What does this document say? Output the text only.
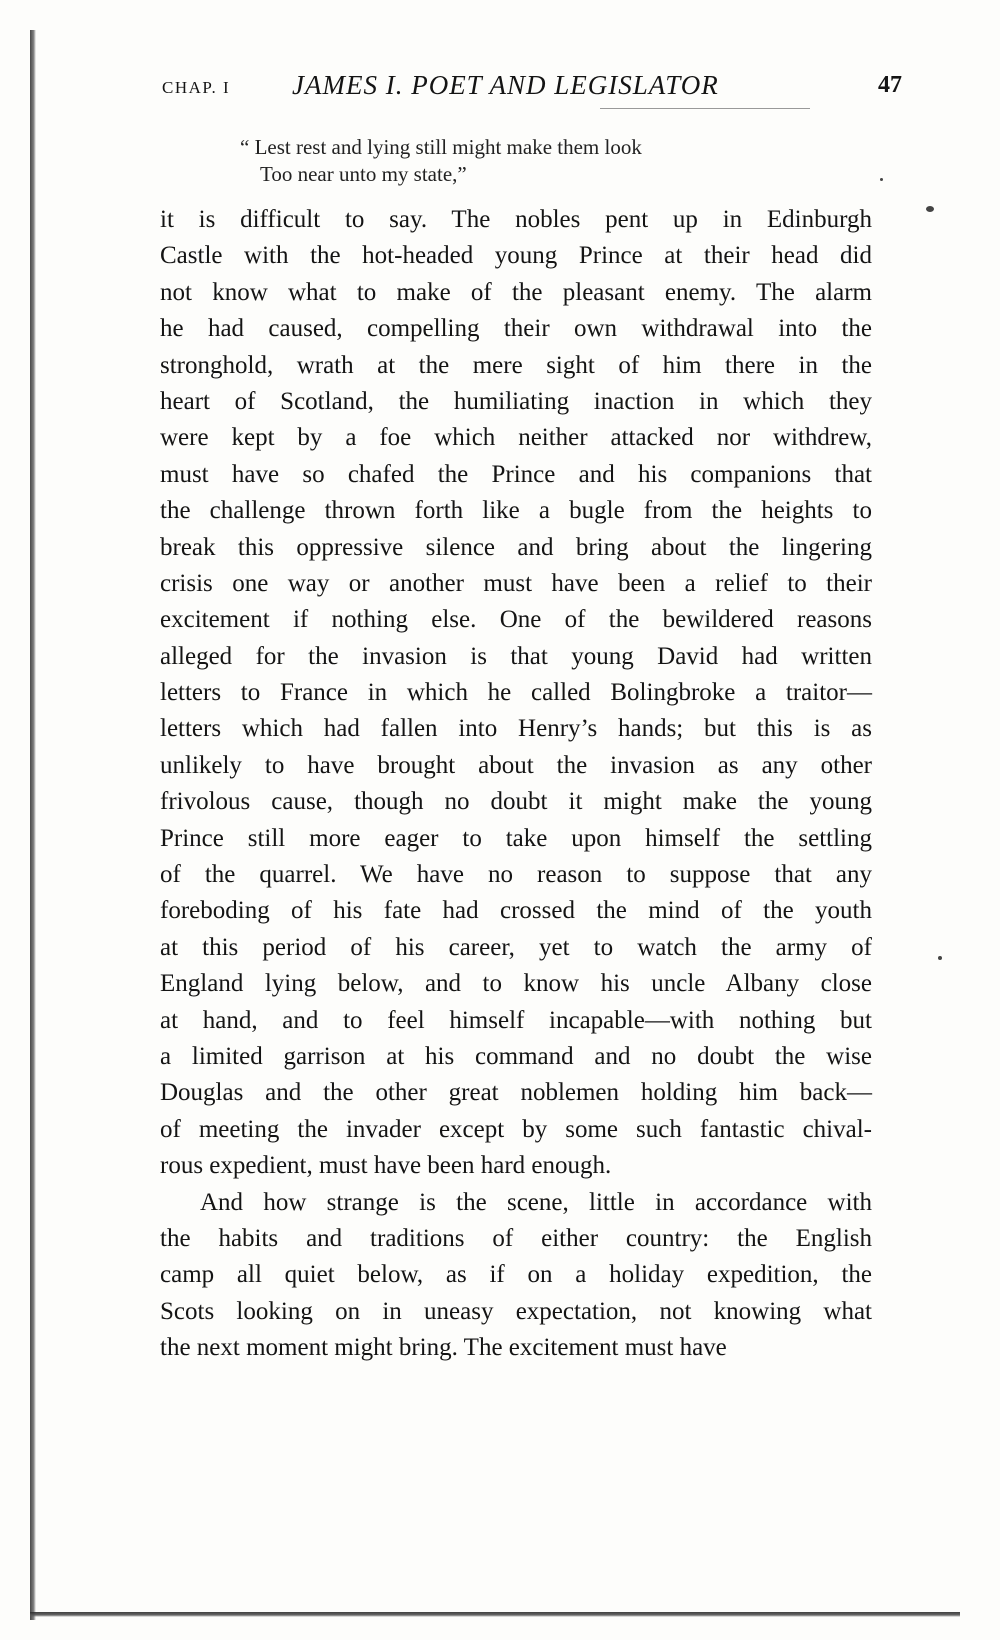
CHAP. I JAMES I. POET AND LEGISLATOR	47
“ Lest rest and lying still might make them look
Too near unto my state,”
it is difficult to say. The nobles pent up in Edinburgh
Castle with the hot-headed young Prince at their head did
not know what to make of the pleasant enemy. The alarm
he had caused, compelling their own withdrawal into the
stronghold, wrath at the mere sight of him there in the
heart of Scotland, the humiliating inaction in which they
were kept by a foe which neither attacked nor withdrew,
must have so chafed the Prince and his companions that
the challenge thrown forth like a bugle from the heights to
break this oppressive silence and bring about the lingering
crisis one way or another must have been a relief to their
excitement if nothing else. One of the bewildered reasons
alleged for the invasion is that young David had written
letters to France in which he called Bolingbroke a traitor—
letters which had fallen into Henry’s hands; but this is as
unlikely to have brought about the invasion as any other
frivolous cause, though no doubt it might make the young
Prince still more eager to take upon himself the settling
of the quarrel. We have no reason to suppose that any
foreboding of his fate had crossed the mind of the youth
at this period of his career, yet to watch the army of
England lying below, and to know his uncle Albany close
at hand, and to feel himself incapable—with nothing but
a limited garrison at his command and no doubt the wise
Douglas and the other great noblemen holding him back—
of meeting the invader except by some such fantastic chival-
rous expedient, must have been hard enough.
And how strange is the scene, little in accordance with
the habits and traditions of either country: the English
camp all quiet below, as if on a holiday expedition, the
Scots looking on in uneasy expectation, not knowing what
the next moment might bring. The excitement must have
